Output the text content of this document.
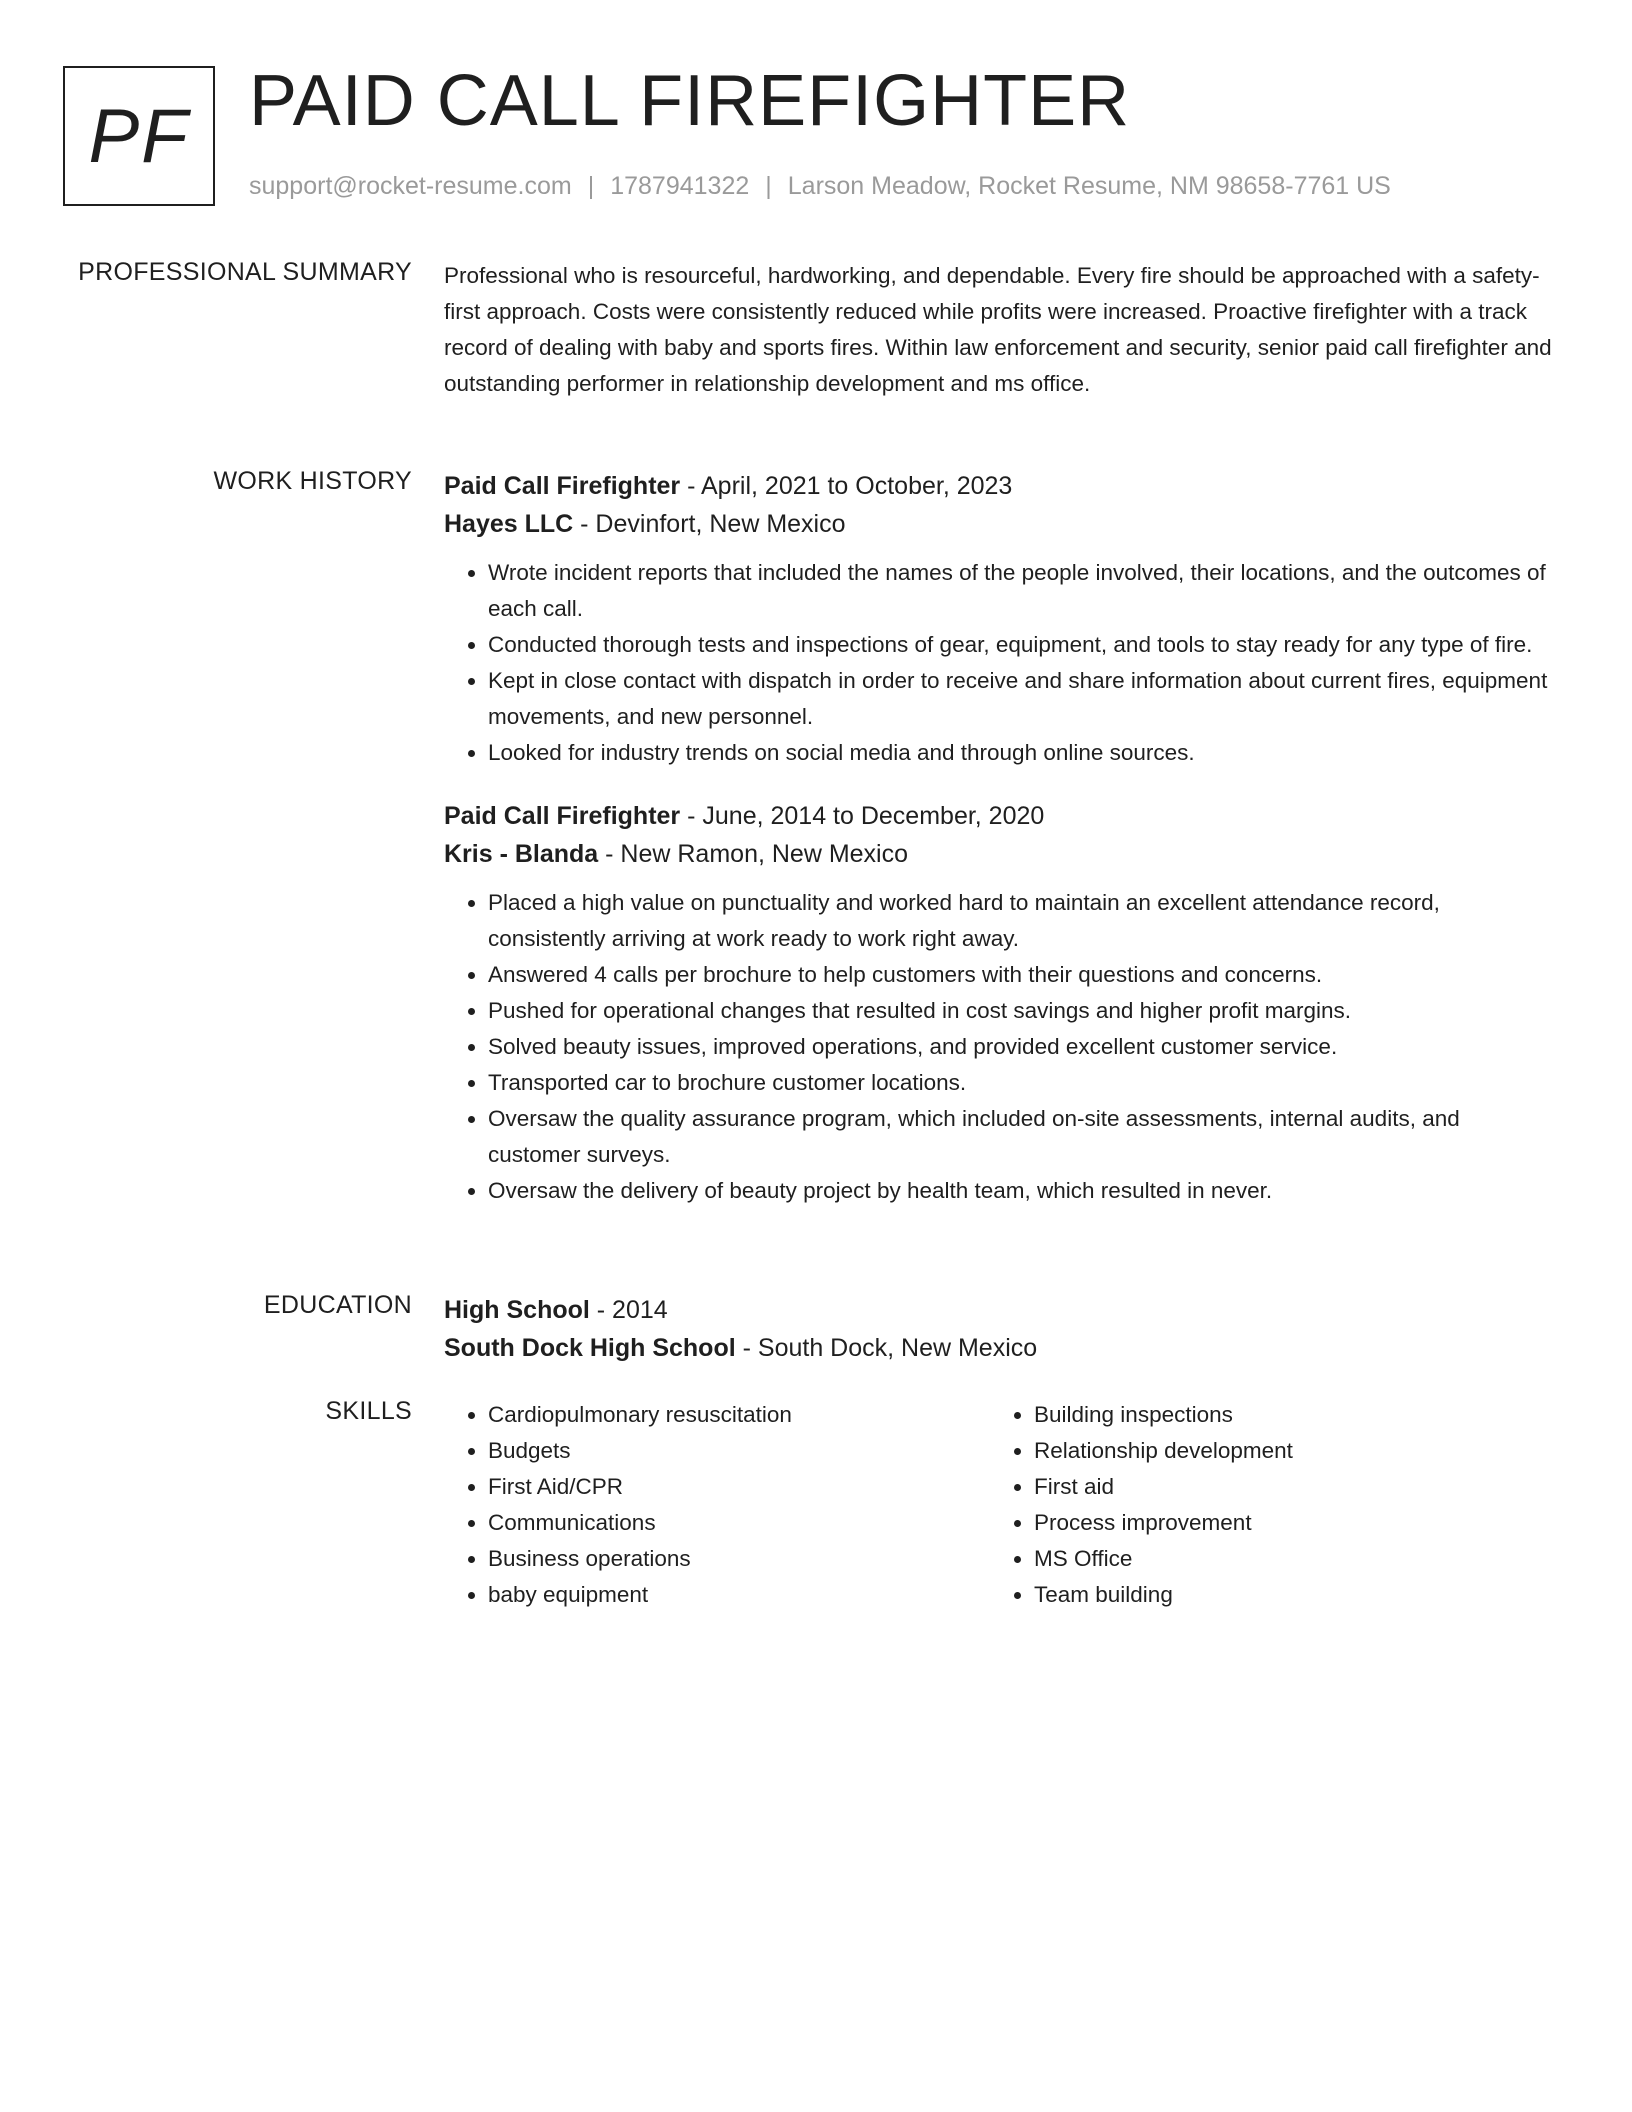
PF PAID CALL FIREFIGHTER
support@rocket-resume.com | 1787941322 | Larson Meadow, Rocket Resume, NM 98658-7761 US
PROFESSIONAL SUMMARY Professional who is resourceful, hardworking, and dependable. Every fire should be approached with a safety-first approach. Costs were consistently reduced while profits were increased. Proactive firefighter with a track record of dealing with baby and sports fires. Within law enforcement and security, senior paid call firefighter and outstanding performer in relationship development and ms office.

WORK HISTORY Paid Call Firefighter - April, 2021 to October, 2023

Hayes LLC - Devinfort, New Mexico

• Wrote incident reports that included the names of the people involved, their locations, and the outcomes of each call.
• Conducted thorough tests and inspections of gear, equipment, and tools to stay ready for any type of fire.
• Kept in close contact with dispatch in order to receive and share information about current fires, equipment movements, and new personnel.
• Looked for industry trends on social media and through online sources.

Paid Call Firefighter - June, 2014 to December, 2020

Kris - Blanda - New Ramon, New Mexico

• Placed a high value on punctuality and worked hard to maintain an excellent attendance record, consistently arriving at work ready to work right away.
• Answered 4 calls per brochure to help customers with their questions and concerns.
• Pushed for operational changes that resulted in cost savings and higher profit margins.
• Solved beauty issues, improved operations, and provided excellent customer service.
• Transported car to brochure customer locations.
• Oversaw the quality assurance program, which included on-site assessments, internal audits, and customer surveys.
• Oversaw the delivery of beauty project by health team, which resulted in never.
EDUCATION High School - 2014

South Dock High School - South Dock, New Mexico

SKILLS
•	Cardiopulmonary resuscitation
• Budgets
• First Aid/CPR
• Communications
• Business operations
• baby equipment
• Building inspections
• Relationship development
• First aid
• Process improvement
• MS Office
• Team building
